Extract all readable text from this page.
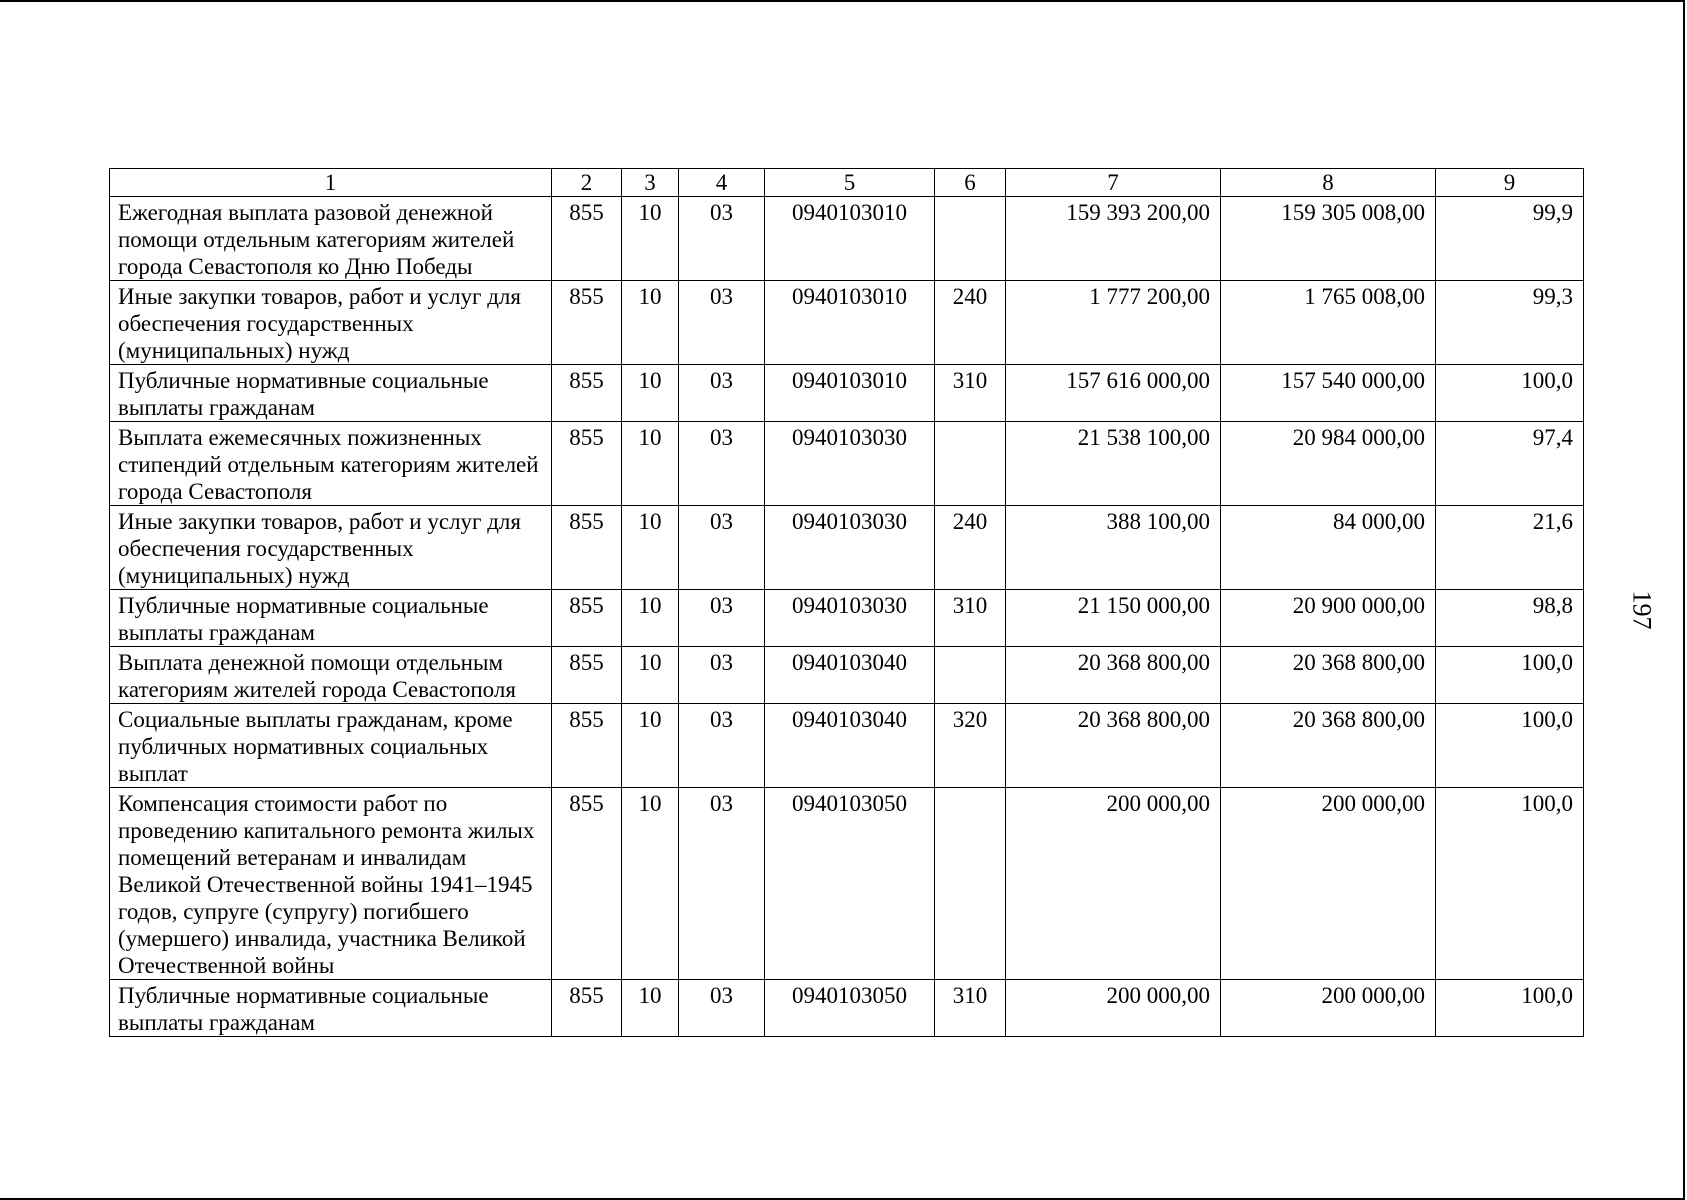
1	2	3	4	5	6	7	8	9
Ежегодная выплата разовой денежной помощи отдельным категориям жителей города Севастополя ко Дню Победы	855	10	03	0940103010		159 393 200,00	159 305 008,00	99,9
Иные закупки товаров, работ и услуг для обеспечения государственных (муниципальных) нужд	855	10	03	0940103010	240	1 777 200,00	1 765 008,00	99,3
Публичные нормативные социальные выплаты гражданам	855	10	03	0940103010	310	157 616 000,00	157 540 000,00	100,0
Выплата ежемесячных пожизненных стипендий отдельным категориям жителей города Севастополя	855	10	03	0940103030		21 538 100,00	20 984 000,00	97,4
Иные закупки товаров, работ и услуг для обеспечения государственных (муниципальных) нужд	855	10	03	0940103030	240	388 100,00	84 000,00	21,6
Публичные нормативные социальные выплаты гражданам	855	10	03	0940103030	310	21 150 000,00	20 900 000,00	98,8
Выплата денежной помощи отдельным категориям жителей города Севастополя	855	10	03	0940103040		20 368 800,00	20 368 800,00	100,0
Социальные выплаты гражданам, кроме публичных нормативных социальных выплат	855	10	03	0940103040	320	20 368 800,00	20 368 800,00	100,0
Компенсация стоимости работ по проведению капитального ремонта жилых помещений ветеранам и инвалидам Великой Отечественной войны 1941–1945 годов, супруге (супругу) погибшего (умершего) инвалида, участника Великой Отечественной войны	855	10	03	0940103050		200 000,00	200 000,00	100,0
Публичные нормативные социальные выплаты гражданам	855	10	03	0940103050	310	200 000,00	200 000,00	100,0
197
